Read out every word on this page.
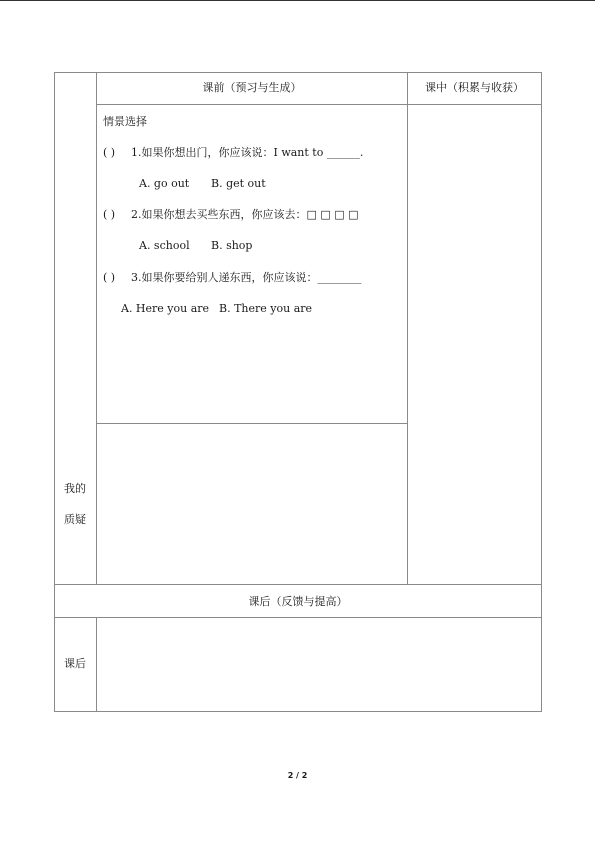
课前（预习与生成）	课中（积累与收获）
情景选择
( ) 1.如果你想出门，你应该说：I want to ______.
A. go out B. get out
( ) 2.如果你想去买些东西，你应该去：□ □ □ □
A. school B. shop
( ) 3.如果你要给别人递东西，你应该说：________
A. Here you are B. There you are
我的
质疑
课后（反馈与提高）
课后
2 / 2
